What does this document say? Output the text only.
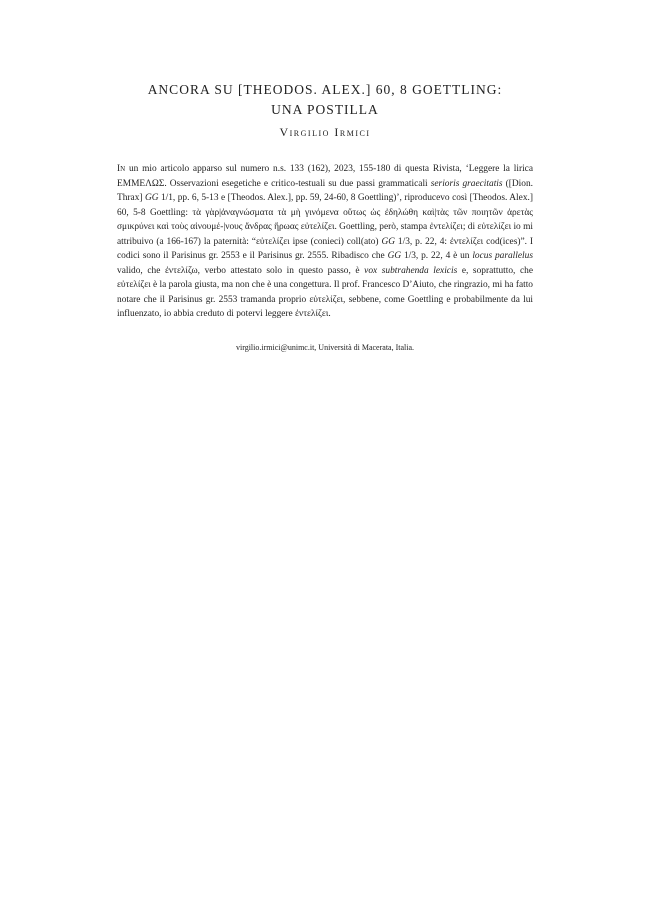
ANCORA SU [THEODOS. ALEX.] 60, 8 GOETTLING:
UNA POSTILLA
Virgilio Irmici

In un mio articolo apparso sul numero n.s. 133 (162), 2023, 155-180 di questa Rivista, ‘Leggere la lirica ΕΜΜΕΛΩΣ. Osservazioni esegetiche e critico-testuali su due passi grammaticali serioris graecitatis ([Dion. Thrax] GG 1/1, pp. 6, 5-13 e [Theodos. Alex.], pp. 59, 24-60, 8 Goettling)’, riproducevo così [Theodos. Alex.] 60, 5-8 Goettling: τὰ γὰρ|ἀναγνώσματα τὰ μὴ γινόμενα οὕτως ὡς ἐδηλώθη καὶ|τὰς τῶν ποιητῶν ἀρετὰς σμικρύνει καὶ τοὺς αἰνουμέ-|νους ἄνδρας ἥρωας εὐτελίζει. Goettling, però, stampa ἐντελίζει; di εὐτελίζει io mi attribuivo (a 166-167) la paternità: “εὐτελίζει ipse (conieci) coll(ato) GG 1/3, p. 22, 4: ἐντελίζει cod(ices)”. I codici sono il Parisinus gr. 2553 e il Parisinus gr. 2555. Ribadisco che GG 1/3, p. 22, 4 è un locus parallelus valido, che ἐντελίζω, verbo attestato solo in questo passo, è vox subtrahenda lexicis e, soprattutto, che εὐτελίζει è la parola giusta, ma non che è una congettura. Il prof. Francesco D’Aiuto, che ringrazio, mi ha fatto notare che il Parisinus gr. 2553 tramanda proprio εὐτελίζει, sebbene, come Goettling e probabilmente da lui influenzato, io abbia creduto di potervi leggere ἐντελίζει.

virgilio.irmici@unimc.it, Università di Macerata, Italia.
